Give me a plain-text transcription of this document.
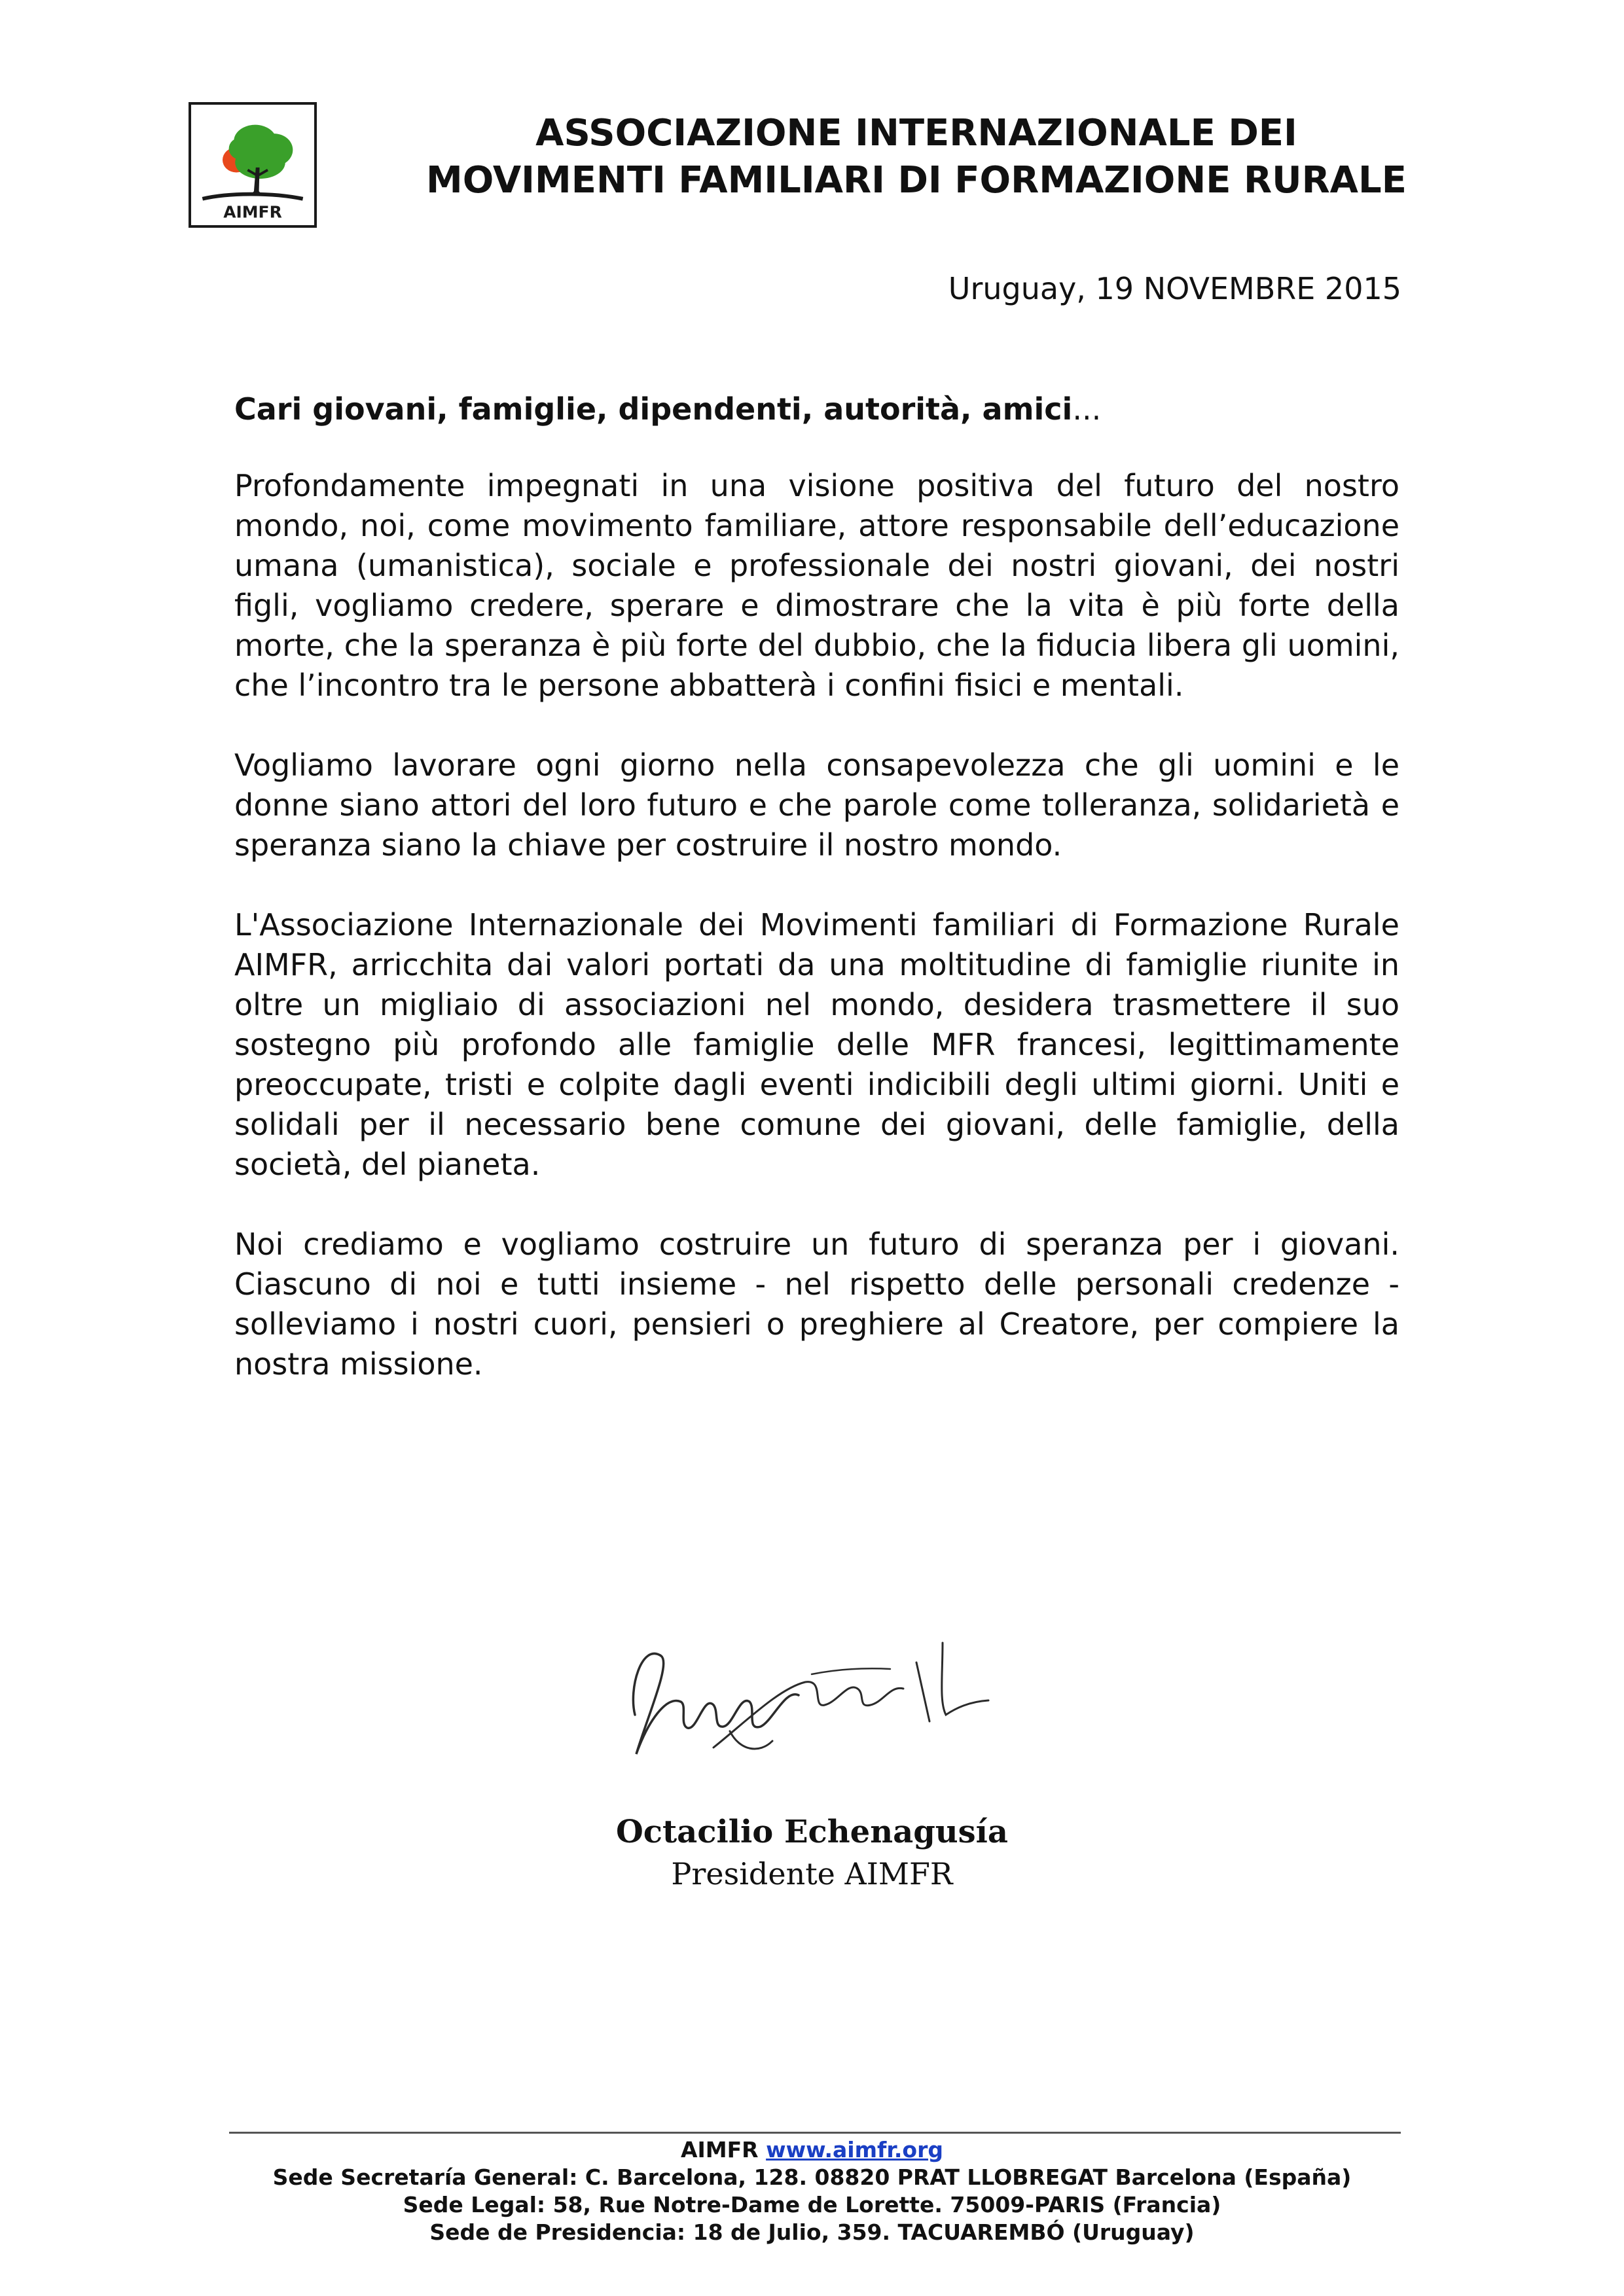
AIMFR
ASSOCIAZIONE INTERNAZIONALE DEI
MOVIMENTI FAMILIARI DI FORMAZIONE RURALE
Uruguay, 19 NOVEMBRE 2015
Cari giovani, famiglie, dipendenti, autorità, amici...

Profondamente impegnati in una visione positiva del futuro del nostro mondo, noi, come movimento familiare, attore responsabile dell’educazione umana (umanistica), sociale e professionale dei nostri giovani, dei nostri figli, vogliamo credere, sperare e dimostrare che la vita è più forte della morte, che la speranza è più forte del dubbio, che la fiducia libera gli uomini, che l’incontro tra le persone abbatterà i confini fisici e mentali.

Vogliamo lavorare ogni giorno nella consapevolezza che gli uomini e le donne siano attori del loro futuro e che parole come tolleranza, solidarietà e speranza siano la chiave per costruire il nostro mondo.

L'Associazione Internazionale dei Movimenti familiari di Formazione Rurale AIMFR, arricchita dai valori portati da una moltitudine di famiglie riunite in oltre un migliaio di associazioni nel mondo, desidera trasmettere il suo sostegno più profondo alle famiglie delle MFR francesi, legittimamente preoccupate, tristi e colpite dagli eventi indicibili degli ultimi giorni. Uniti e solidali per il necessario bene comune dei giovani, delle famiglie, della società, del pianeta.

Noi crediamo e vogliamo costruire un futuro di speranza per i giovani. Ciascuno di noi e tutti insieme - nel rispetto delle personali credenze - solleviamo i nostri cuori, pensieri o preghiere al Creatore, per compiere la nostra missione.

Octacilio Echenagusía
Presidente AIMFR
AIMFR www.aimfr.org
Sede Secretaría General: C. Barcelona, 128. 08820 PRAT LLOBREGAT Barcelona (España)
Sede Legal: 58, Rue Notre-Dame de Lorette. 75009-PARIS (Francia)
Sede de Presidencia: 18 de Julio, 359. TACUAREMBÓ (Uruguay)
